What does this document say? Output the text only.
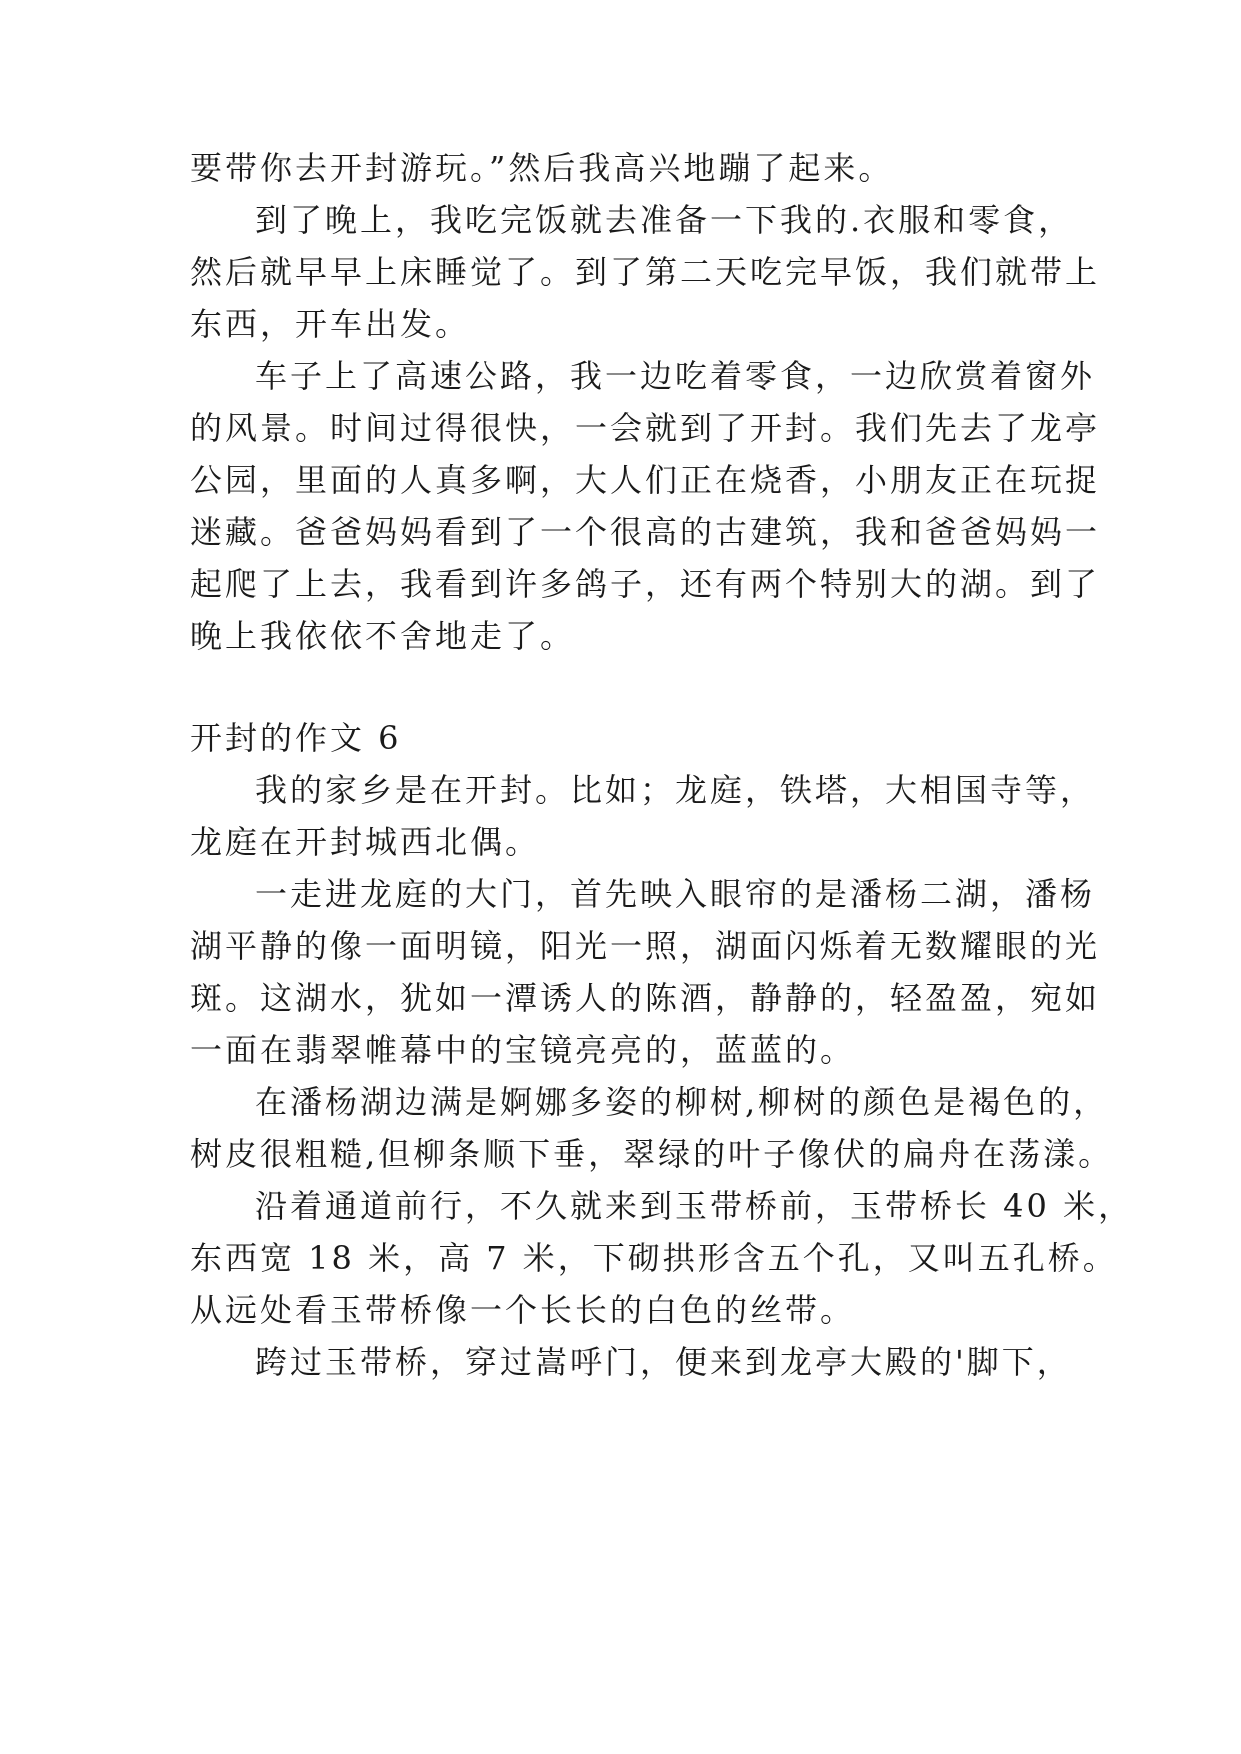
要带你去开封游玩。”然后我高兴地蹦了起来。
到了晚上，我吃完饭就去准备一下我的.衣服和零食，
然后就早早上床睡觉了。到了第二天吃完早饭，我们就带上
东西，开车出发。
车子上了高速公路，我一边吃着零食，一边欣赏着窗外
的风景。时间过得很快，一会就到了开封。我们先去了龙亭
公园，里面的人真多啊，大人们正在烧香，小朋友正在玩捉
迷藏。爸爸妈妈看到了一个很高的古建筑，我和爸爸妈妈一
起爬了上去，我看到许多鸽子，还有两个特别大的湖。到了
晚上我依依不舍地走了。
开封的作文 6
我的家乡是在开封。比如；龙庭，铁塔，大相国寺等，
龙庭在开封城西北偶。
一走进龙庭的大门，首先映入眼帘的是潘杨二湖，潘杨
湖平静的像一面明镜，阳光一照，湖面闪烁着无数耀眼的光
斑。这湖水，犹如一潭诱人的陈酒，静静的，轻盈盈，宛如
一面在翡翠帷幕中的宝镜亮亮的，蓝蓝的。
在潘杨湖边满是婀娜多姿的柳树,柳树的颜色是褐色的，
树皮很粗糙,但柳条顺下垂，翠绿的叶子像伏的扁舟在荡漾。
沿着通道前行，不久就来到玉带桥前，玉带桥长 40 米，
东西宽 18 米，高 7 米，下砌拱形含五个孔，又叫五孔桥。
从远处看玉带桥像一个长长的白色的丝带。
跨过玉带桥，穿过嵩呼门，便来到龙亭大殿的'脚下，
